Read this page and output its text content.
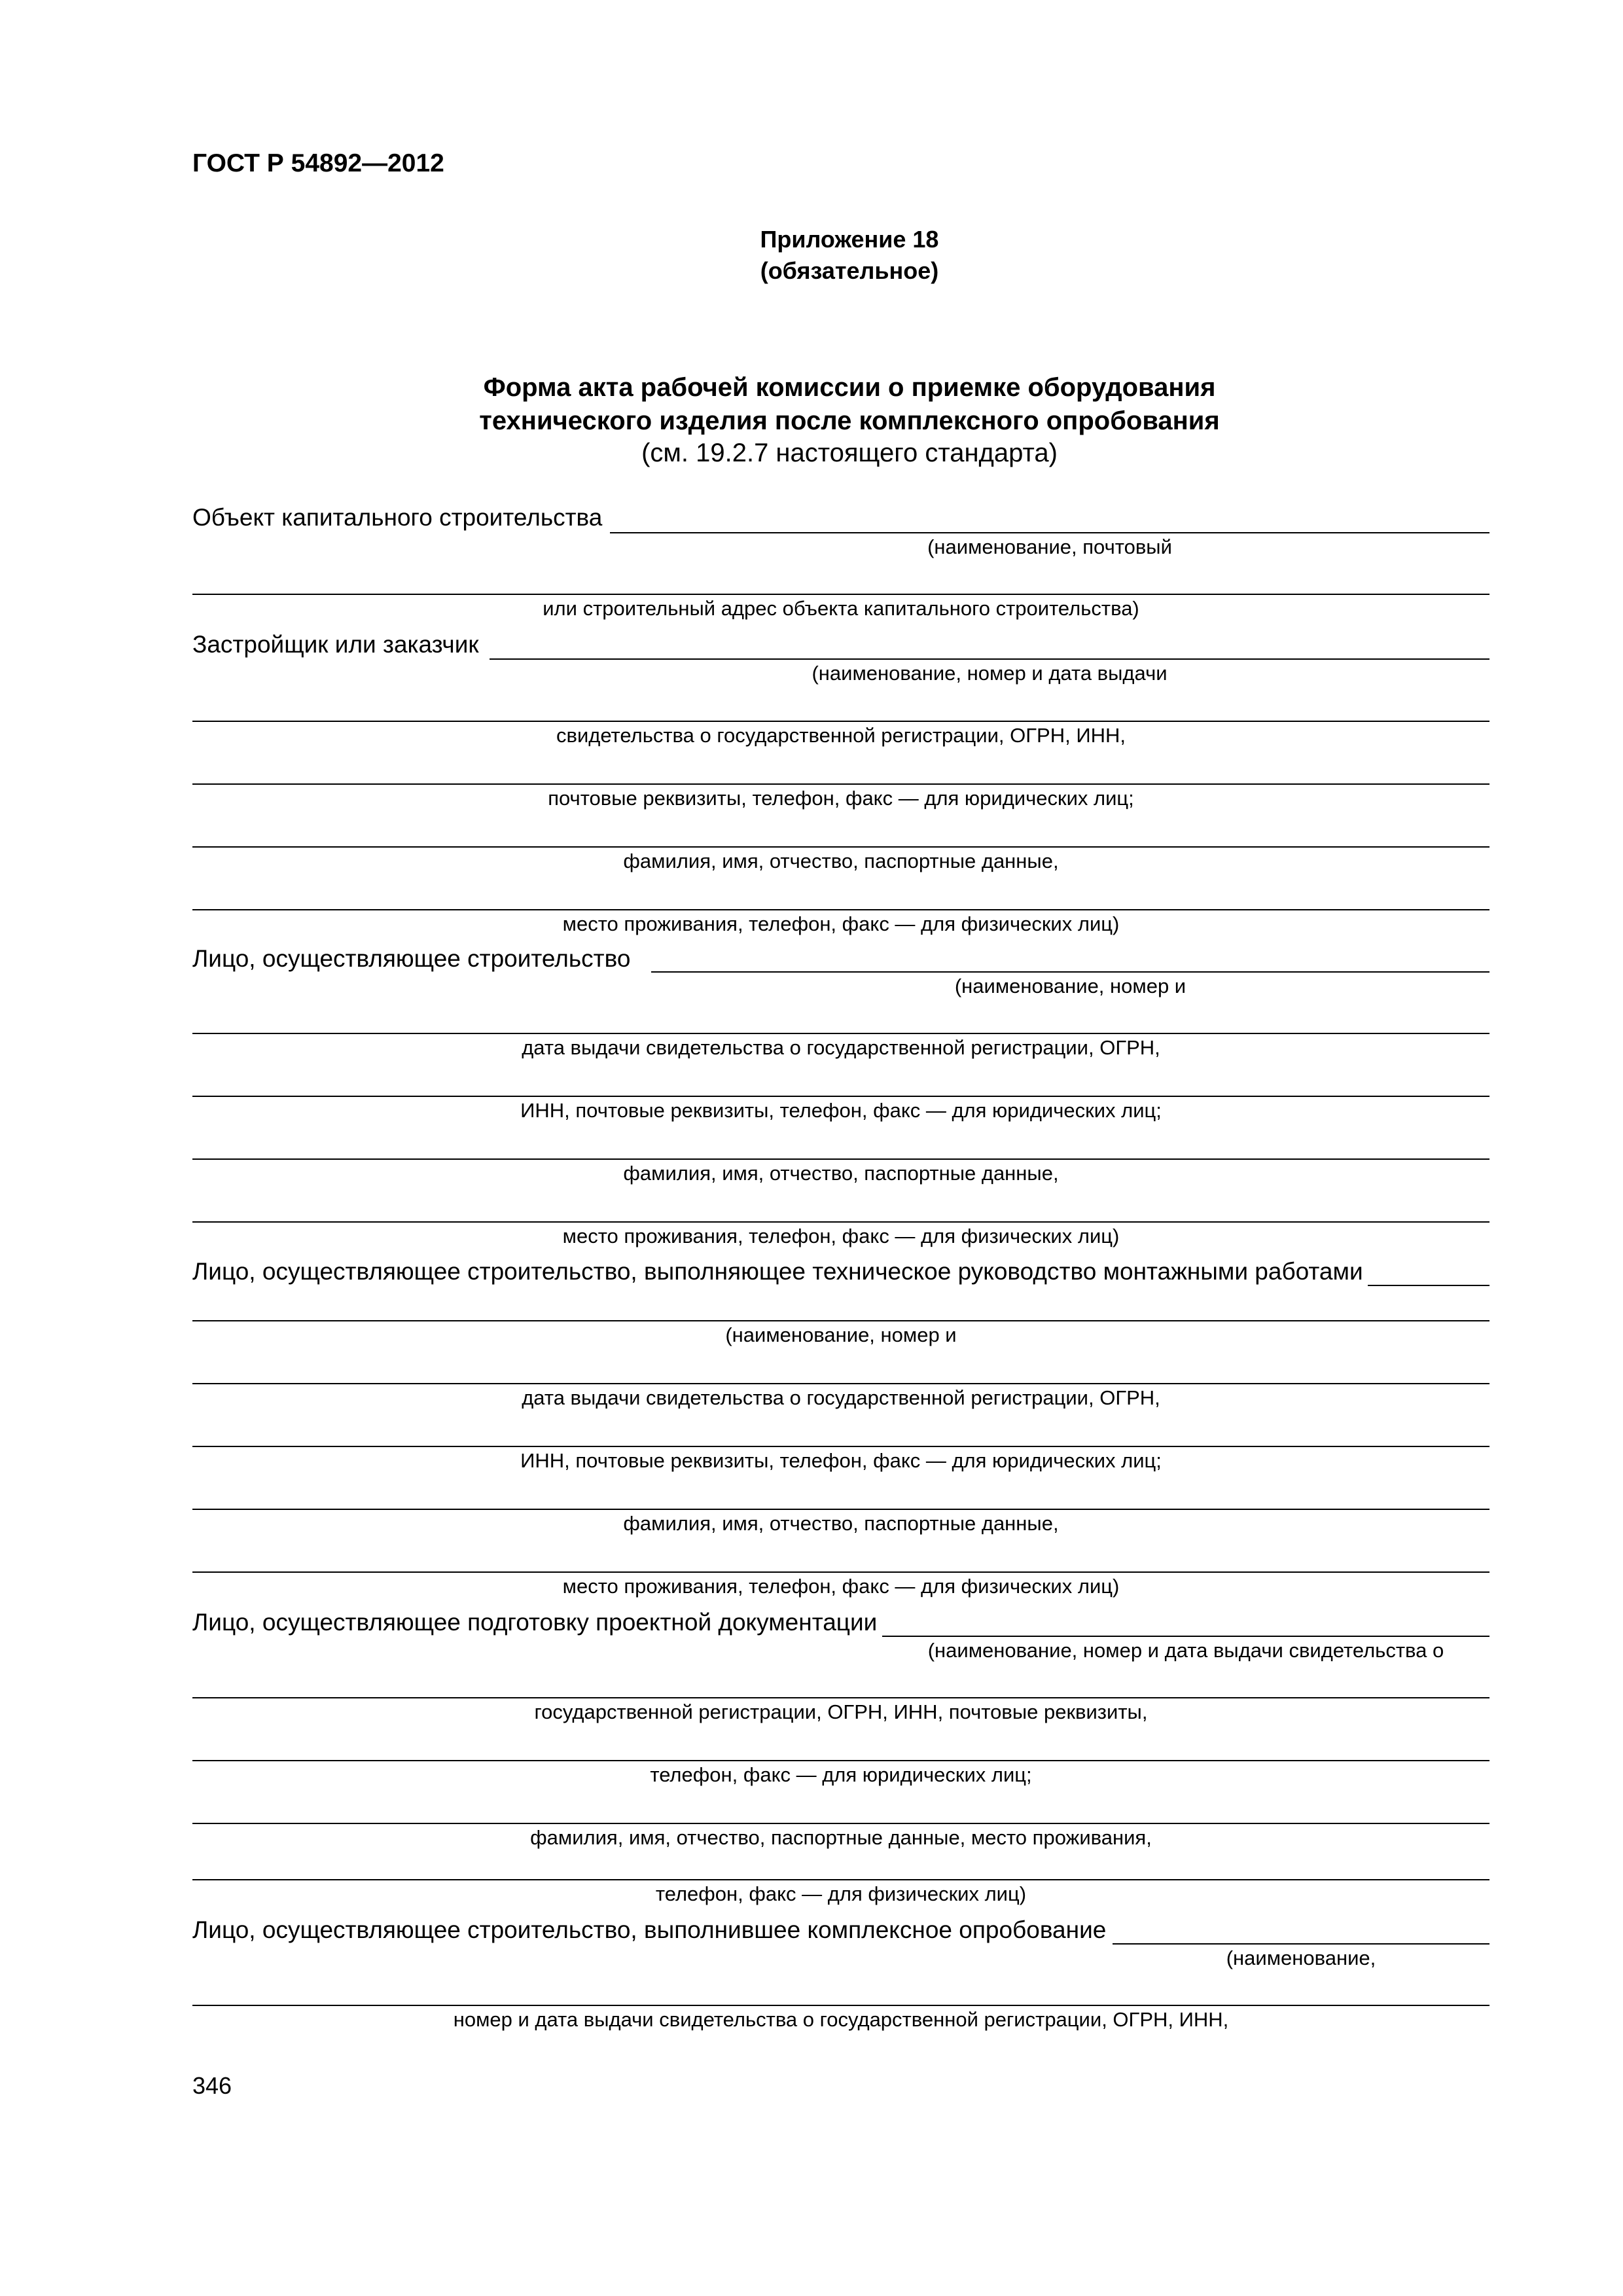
ГОСТ Р 54892—2012
Приложение 18
(обязательное)
Форма акта рабочей комиссии о приемке оборудования
технического изделия после комплексного опробования
(см. 19.2.7 настоящего стандарта)
Объект капитального строительства
(наименование, почтовый
или строительный адрес объекта капитального строительства)
Застройщик или заказчик
(наименование, номер и дата выдачи
свидетельства о государственной регистрации, ОГРН, ИНН,
почтовые реквизиты, телефон, факс — для юридических лиц;
фамилия, имя, отчество, паспортные данные,
место проживания, телефон, факс — для физических лиц)
Лицо, осуществляющее строительство
(наименование, номер и
дата выдачи свидетельства о государственной регистрации, ОГРН,
ИНН, почтовые реквизиты, телефон, факс — для юридических лиц;
фамилия, имя, отчество, паспортные данные,
место проживания, телефон, факс — для физических лиц)
Лицо, осуществляющее строительство, выполняющее техническое руководство монтажными работами
(наименование, номер и
дата выдачи свидетельства о государственной регистрации, ОГРН,
ИНН, почтовые реквизиты, телефон, факс — для юридических лиц;
фамилия, имя, отчество, паспортные данные,
место проживания, телефон, факс — для физических лиц)
Лицо, осуществляющее подготовку проектной документации
(наименование, номер и дата выдачи свидетельства о
государственной регистрации, ОГРН, ИНН, почтовые реквизиты,
телефон, факс — для юридических лиц;
фамилия, имя, отчество, паспортные данные, место проживания,
телефон, факс — для физических лиц)
Лицо, осуществляющее строительство, выполнившее комплексное опробование
(наименование,
номер и дата выдачи свидетельства о государственной регистрации, ОГРН, ИНН,
346
